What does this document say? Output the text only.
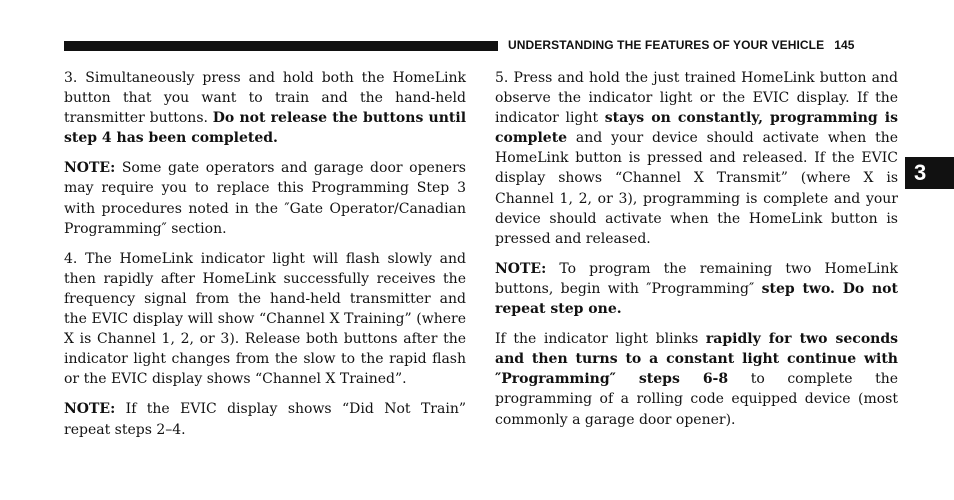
UNDERSTANDING THE FEATURES OF YOUR VEHICLE 145

3. Simultaneously press and hold both the HomeLink button that you want to train and the hand-held transmitter buttons. Do not release the buttons until step 4 has been completed.

NOTE: Some gate operators and garage door openers may require you to replace this Programming Step 3 with procedures noted in the ″Gate Operator/Canadian Programming″ section.

4. The HomeLink indicator light will flash slowly and then rapidly after HomeLink successfully receives the frequency signal from the hand-held transmitter and the EVIC display will show “Channel X Training” (where X is Channel 1, 2, or 3). Release both buttons after the indicator light changes from the slow to the rapid flash or the EVIC display shows “Channel X Trained”.

NOTE: If the EVIC display shows “Did Not Train” repeat steps 2–4.

5. Press and hold the just trained HomeLink button and observe the indicator light or the EVIC display. If the indicator light stays on constantly, programming is complete and your device should activate when the HomeLink button is pressed and released. If the EVIC display shows “Channel X Transmit” (where X is Channel 1, 2, or 3), programming is complete and your device should activate when the HomeLink button is pressed and released.

NOTE: To program the remaining two HomeLink buttons, begin with ″Programming″ step two. Do not repeat step one.

If the indicator light blinks rapidly for two seconds and then turns to a constant light continue with ″Programming″ steps 6-8 to complete the programming of a rolling code equipped device (most commonly a garage door opener).

3
